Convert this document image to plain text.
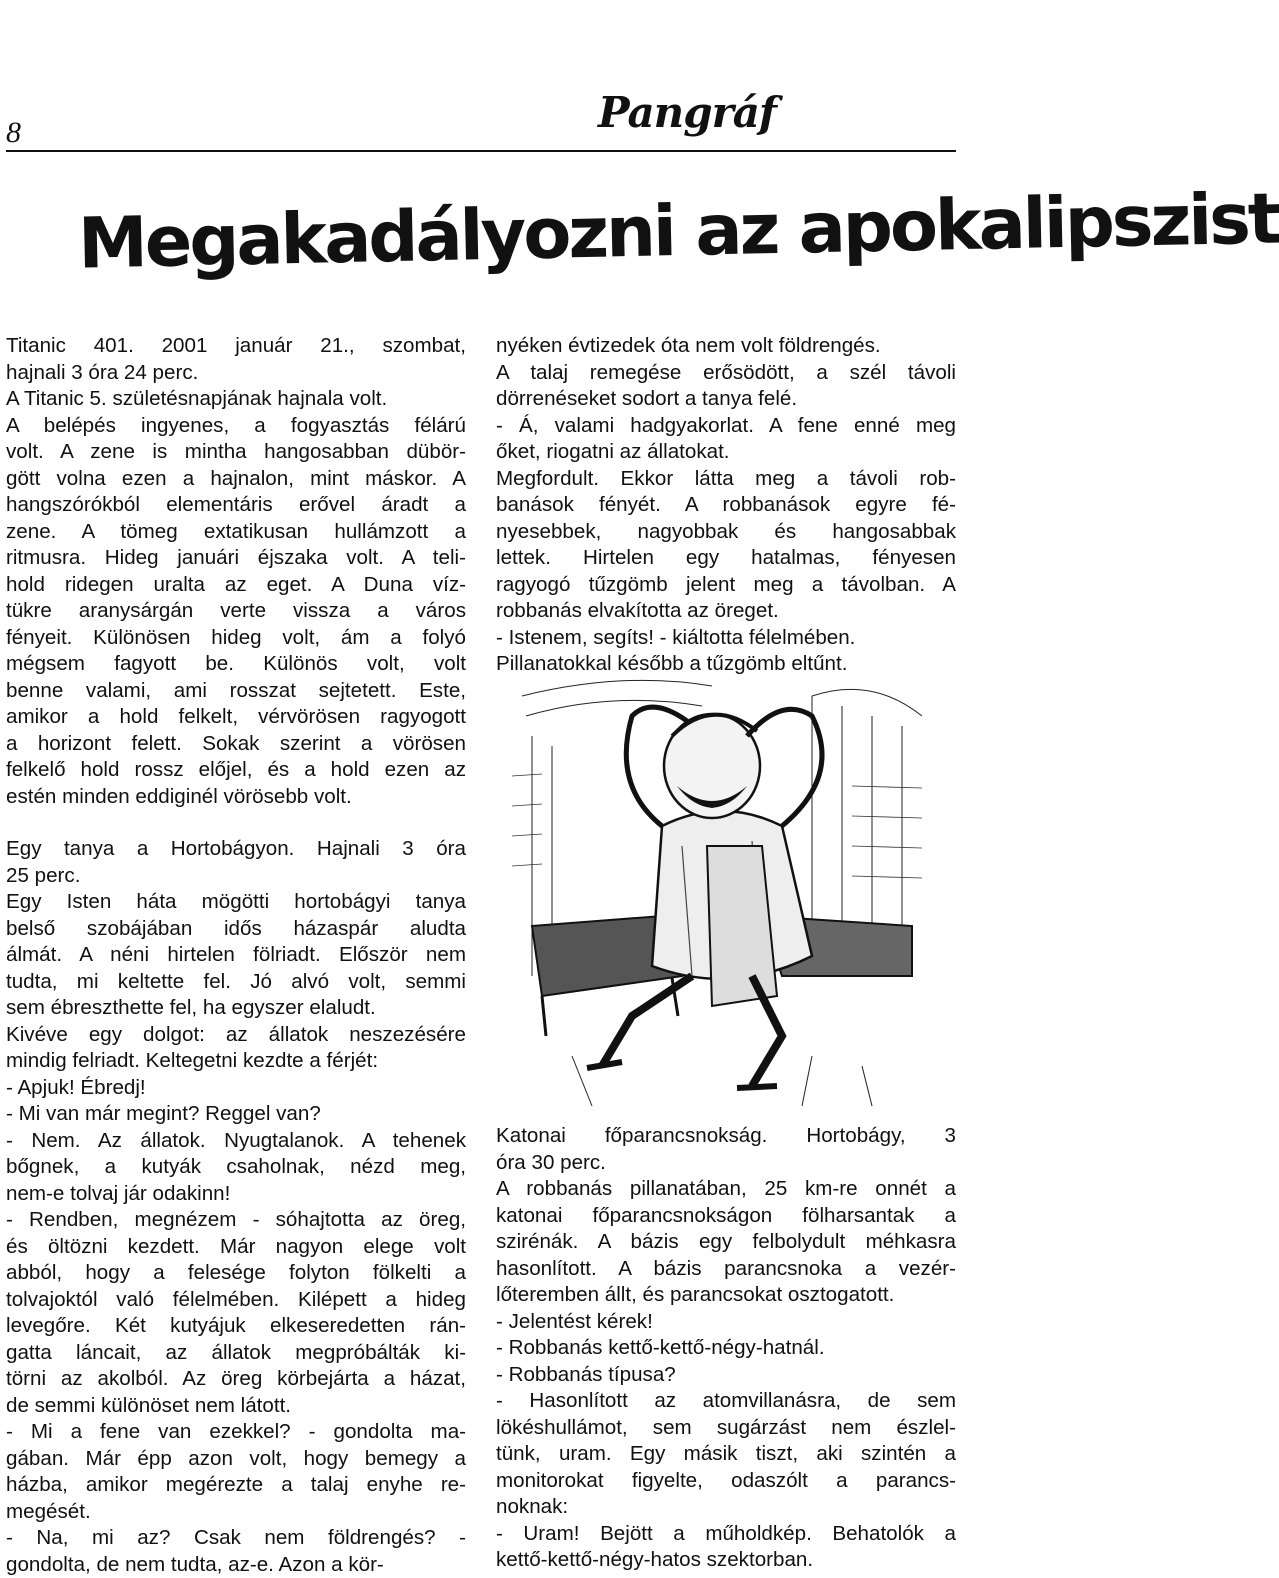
8	Pangráf
Megakadályozni az apokalipszist
Titanic 401. 2001 január 21., szombat,
hajnali 3 óra 24 perc.
A Titanic 5. születésnapjának hajnala volt.
A belépés ingyenes, a fogyasztás félárú
volt. A zene is mintha hangosabban dübör-
gött volna ezen a hajnalon, mint máskor. A
hangszórókból elementáris erővel áradt a
zene. A tömeg extatikusan hullámzott a
ritmusra. Hideg januári éjszaka volt. A teli-
hold ridegen uralta az eget. A Duna víz-
tükre aranysárgán verte vissza a város
fényeit. Különösen hideg volt, ám a folyó
mégsem fagyott be. Különös volt, volt
benne valami, ami rosszat sejtetett. Este,
amikor a hold felkelt, vérvörösen ragyogott
a horizont felett. Sokak szerint a vörösen
felkelő hold rossz előjel, és a hold ezen az
estén minden eddiginél vörösebb volt.
Egy tanya a Hortobágyon. Hajnali 3 óra
25 perc.
Egy Isten háta mögötti hortobágyi tanya
belső szobájában idős házaspár aludta
álmát. A néni hirtelen fölriadt. Először nem
tudta, mi keltette fel. Jó alvó volt, semmi
sem ébreszthette fel, ha egyszer elaludt.
Kivéve egy dolgot: az állatok neszezésére
mindig felriadt. Keltegetni kezdte a férjét:
- Apjuk! Ébredj!
- Mi van már megint? Reggel van?
- Nem. Az állatok. Nyugtalanok. A tehenek
bőgnek, a kutyák csaholnak, nézd meg,
nem-e tolvaj jár odakinn!
- Rendben, megnézem - sóhajtotta az öreg,
és öltözni kezdett. Már nagyon elege volt
abból, hogy a felesége folyton fölkelti a
tolvajoktól való félelmében. Kilépett a hideg
levegőre. Két kutyájuk elkeseredetten rán-
gatta láncait, az állatok megpróbálták ki-
törni az akolból. Az öreg körbejárta a házat,
de semmi különöset nem látott.
- Mi a fene van ezekkel? - gondolta ma-
gában. Már épp azon volt, hogy bemegy a
házba, amikor megérezte a talaj enyhe re-
megését.
- Na, mi az? Csak nem földrengés? -
gondolta, de nem tudta, az-e. Azon a kör-
nyéken évtizedek óta nem volt földrengés.
A talaj remegése erősödött, a szél távoli
dörrenéseket sodort a tanya felé.
- Á, valami hadgyakorlat. A fene enné meg
őket, riogatni az állatokat.
Megfordult. Ekkor látta meg a távoli rob-
banások fényét. A robbanások egyre fé-
nyesebbek, nagyobbak és hangosabbak
lettek. Hirtelen egy hatalmas, fényesen
ragyogó tűzgömb jelent meg a távolban. A
robbanás elvakította az öreget.
- Istenem, segíts! - kiáltotta félelmében.
Pillanatokkal később a tűzgömb eltűnt.
Katonai főparancsnokság. Hortobágy, 3
óra 30 perc.
A robbanás pillanatában, 25 km-re onnét a
katonai főparancsnokságon fölharsantak a
szirénák. A bázis egy felbolydult méhkasra
hasonlított. A bázis parancsnoka a vezér-
lőteremben állt, és parancsokat osztogatott.
- Jelentést kérek!
- Robbanás kettő-kettő-négy-hatnál.
- Robbanás típusa?
- Hasonlított az atomvillanásra, de sem
lökéshullámot, sem sugárzást nem észlel-
tünk, uram. Egy másik tiszt, aki szintén a
monitorokat figyelte, odaszólt a parancs-
noknak:
- Uram! Bejött a műholdkép. Behatolók a
kettő-kettő-négy-hatos szektorban.
